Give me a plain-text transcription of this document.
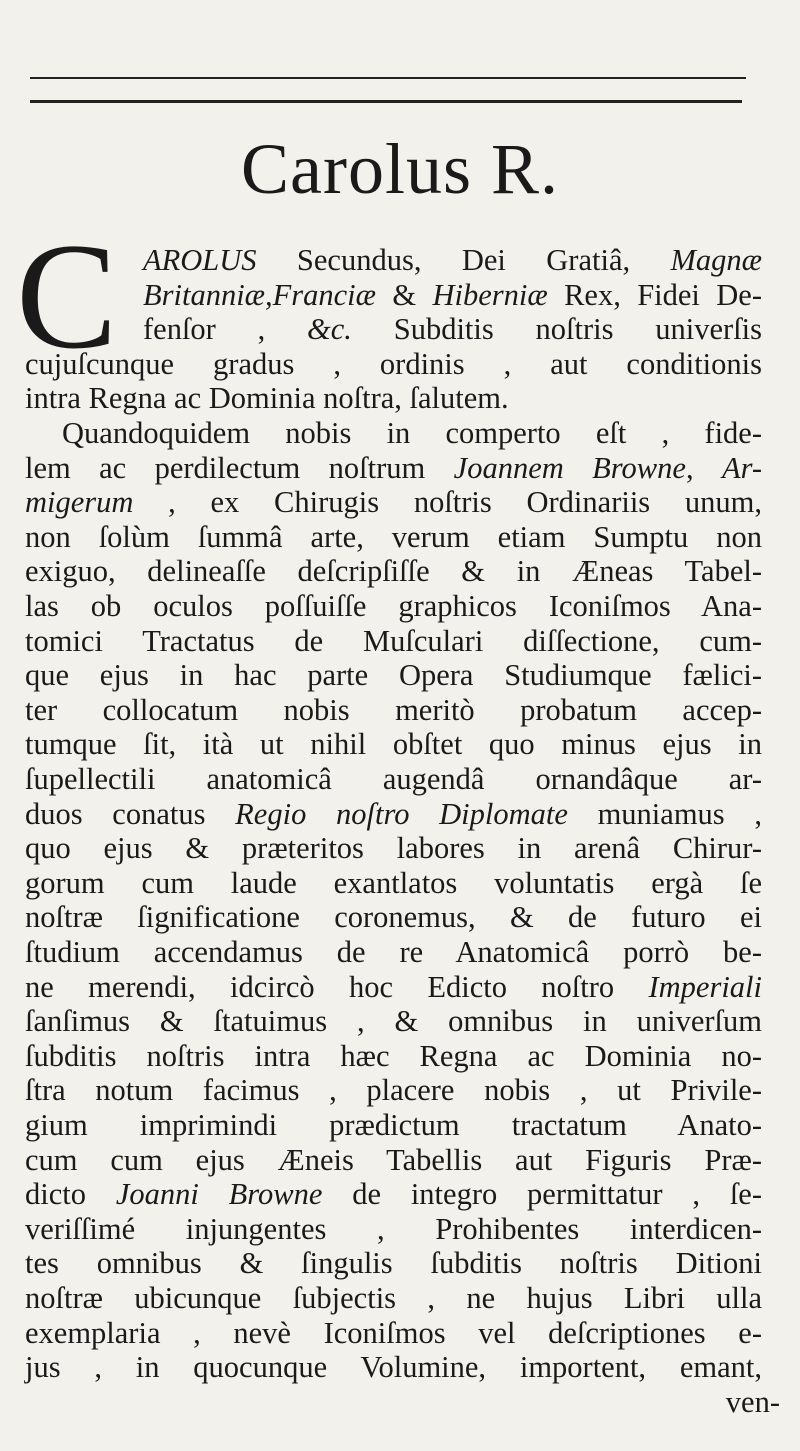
Carolus R.
C AROLUS Secundus, Dei Gratiâ, Magnæ
Britanniæ,Franciæ & Hiberniæ Rex, Fidei De-
fenſor , &c. Subditis noſtris univerſis
cujuſcunque gradus , ordinis , aut conditionis
intra Regna ac Dominia noſtra, ſalutem.
Quandoquidem nobis in comperto eſt , fide-
lem ac perdilectum noſtrum Joannem Browne, Ar-
migerum , ex Chirugis noſtris Ordinariis unum,
non ſolùm ſummâ arte, verum etiam Sumptu non
exiguo, delineaſſe deſcripſiſſe & in Æneas Tabel-
las ob oculos poſſuiſſe graphicos Iconiſmos Ana-
tomici Tractatus de Muſculari diſſectione, cum-
que ejus in hac parte Opera Studiumque fælici-
ter collocatum nobis meritò probatum accep-
tumque ſit, ità ut nihil obſtet quo minus ejus in
ſupellectili anatomicâ augendâ ornandâque ar-
duos conatus Regio noſtro Diplomate muniamus ,
quo ejus & præteritos labores in arenâ Chirur-
gorum cum laude exantlatos voluntatis ergà ſe
noſtræ ſignificatione coronemus, & de futuro ei
ſtudium accendamus de re Anatomicâ porrò be-
ne merendi, idcircò hoc Edicto noſtro Imperiali
ſanſimus & ſtatuimus , & omnibus in univerſum
ſubditis noſtris intra hæc Regna ac Dominia no-
ſtra notum facimus , placere nobis , ut Privile-
gium imprimindi prædictum tractatum Anato-
cum cum ejus Æneis Tabellis aut Figuris Præ-
dicto Joanni Browne de integro permittatur , ſe-
veriſſimé injungentes , Prohibentes interdicen-
tes omnibus & ſingulis ſubditis noſtris Ditioni
noſtræ ubicunque ſubjectis , ne hujus Libri ulla
exemplaria , nevè Iconiſmos vel deſcriptiones e-
jus , in quocunque Volumine, importent, emant,
ven-
